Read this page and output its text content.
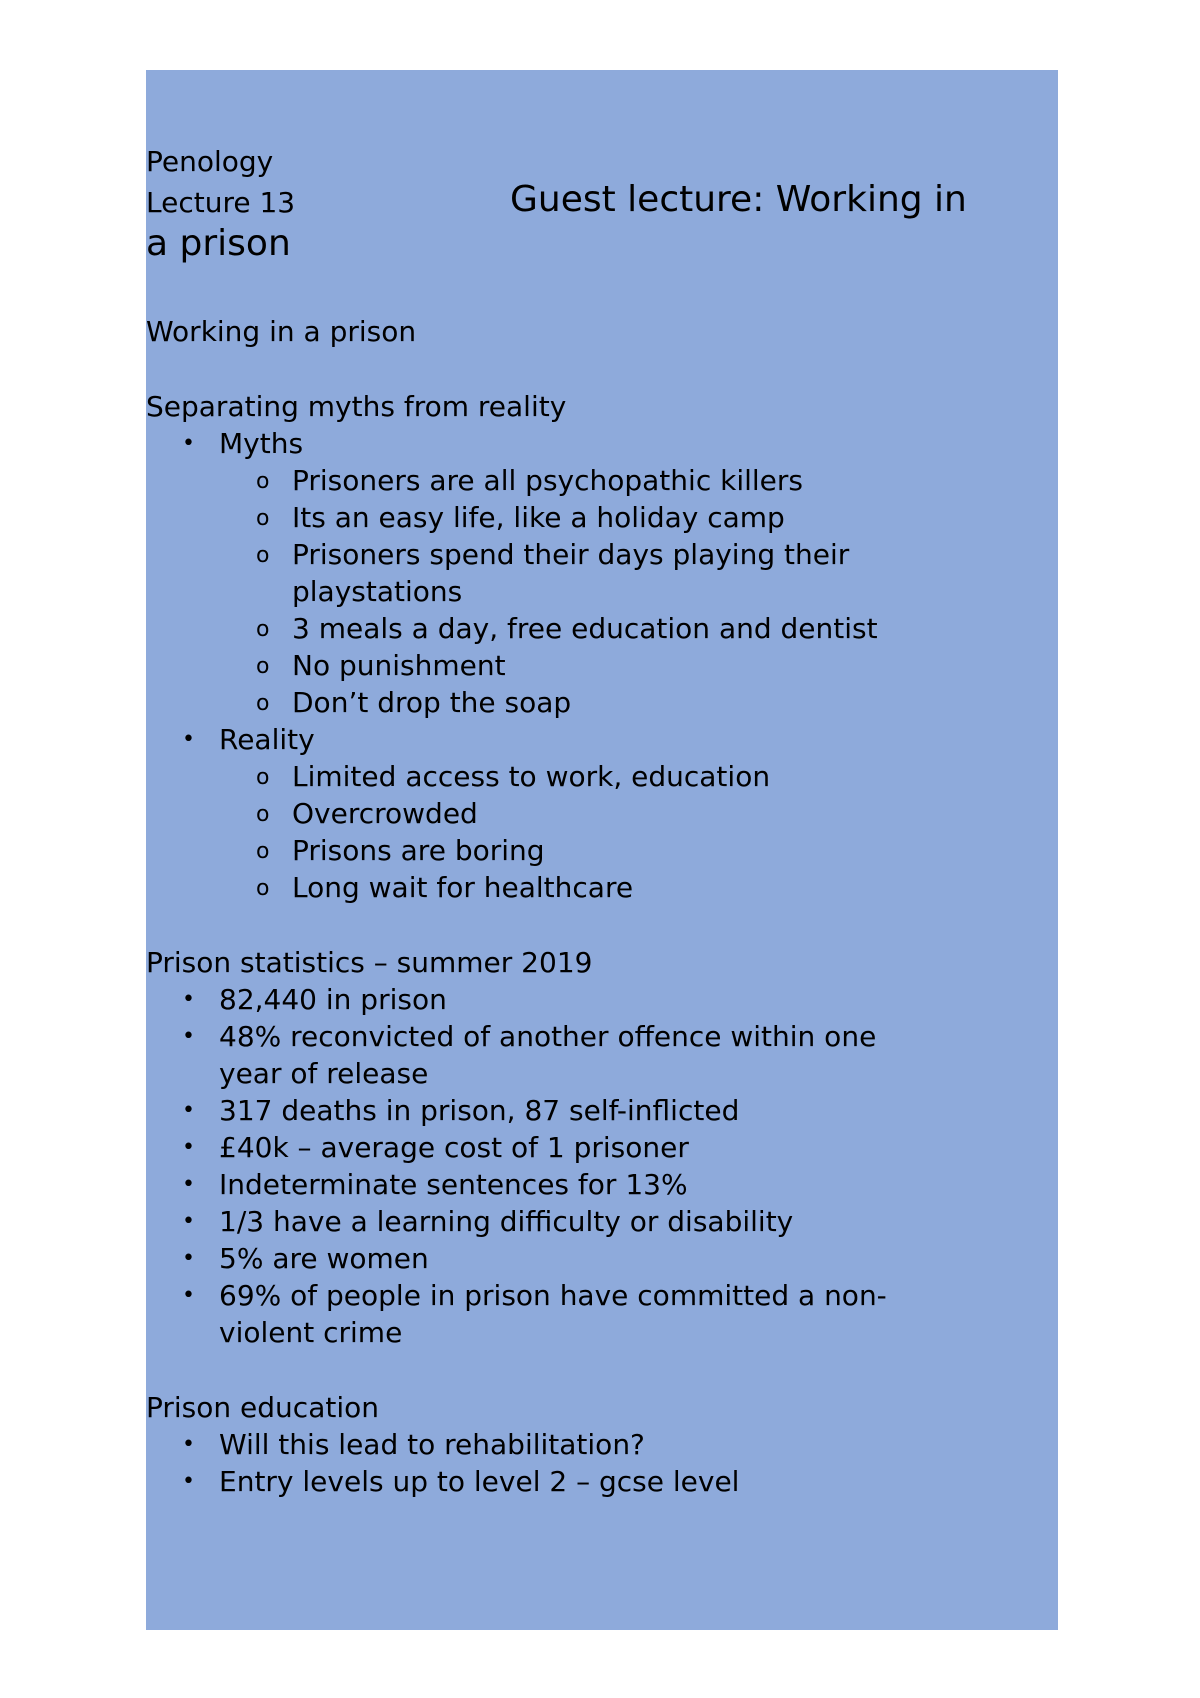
Penology

Lecture 13	Guest lecture: Working in

a prison

Working in a prison

Separating myths from reality

• Myths
o Prisoners are all psychopathic killers
o Its an easy life, like a holiday camp
o Prisoners spend their days playing their
playstations
o 3 meals a day, free education and dentist
o No punishment
o Don’t drop the soap
• Reality
o Limited access to work, education
o Overcrowded
o Prisons are boring
o Long wait for healthcare

Prison statistics – summer 2019

• 82,440 in prison
• 48% reconvicted of another offence within one
year of release
• 317 deaths in prison, 87 self-inflicted
• £40k – average cost of 1 prisoner
• Indeterminate sentences for 13%
• 1/3 have a learning difficulty or disability
• 5% are women
• 69% of people in prison have committed a non-
violent crime

Prison education

• Will this lead to rehabilitation?
• Entry levels up to level 2 – gcse level
